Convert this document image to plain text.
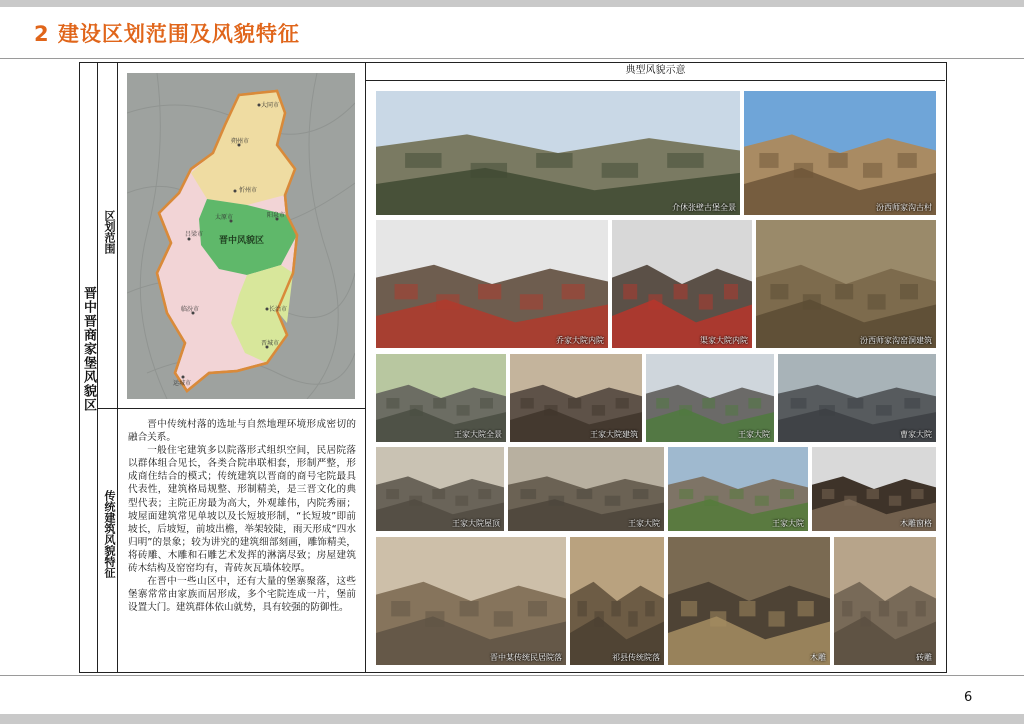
2 建设区划范围及风貌特征
晋中晋商家堡风貌区
区划范围
传统建筑风貌特征
大同市
朔州市
忻州市
太原市	阳泉市
吕梁市
长治市
临汾市
晋城市
运城市
晋中风貌区

晋中传统村落的选址与自然地理环境形成密切的融合关系。

一般住宅建筑多以院落形式组织空间，民居院落以群体组合见长，各类合院串联相套，形制严整，形成商住结合的模式；传统建筑以晋商的商号宅院最具代表性，建筑格局规整、形制精美，是三晋文化的典型代表；主院正房最为高大，外观雄伟，内院秀丽；坡屋面建筑常见单坡以及长短坡形制，“长短坡”即前坡长，后坡短，前坡出檐，举架较陡，雨天形成“四水归明”的景象；较为讲究的建筑细部刻画，雕饰精美，将砖雕、木雕和石雕艺术发挥的淋漓尽致；房屋建筑砖木结构及窑窑均有，青砖灰瓦墙体较厚。

在晋中一些山区中，还有大量的堡寨聚落，这些堡寨常常由家族而居形成，多个宅院连成一片，堡前设置大门。建筑群体依山就势，具有较强的防御性。

典型风貌示意
介休张壁古堡全景	汾西师家沟古村
乔家大院内院	渠家大院内院	汾西师家沟窑洞建筑
王家大院全景	王家大院建筑	王家大院	曹家大院
王家大院屋顶	王家大院	王家大院	木雕窗格
晋中某传统民居院落	祁县传统院落	木雕	砖雕
6
